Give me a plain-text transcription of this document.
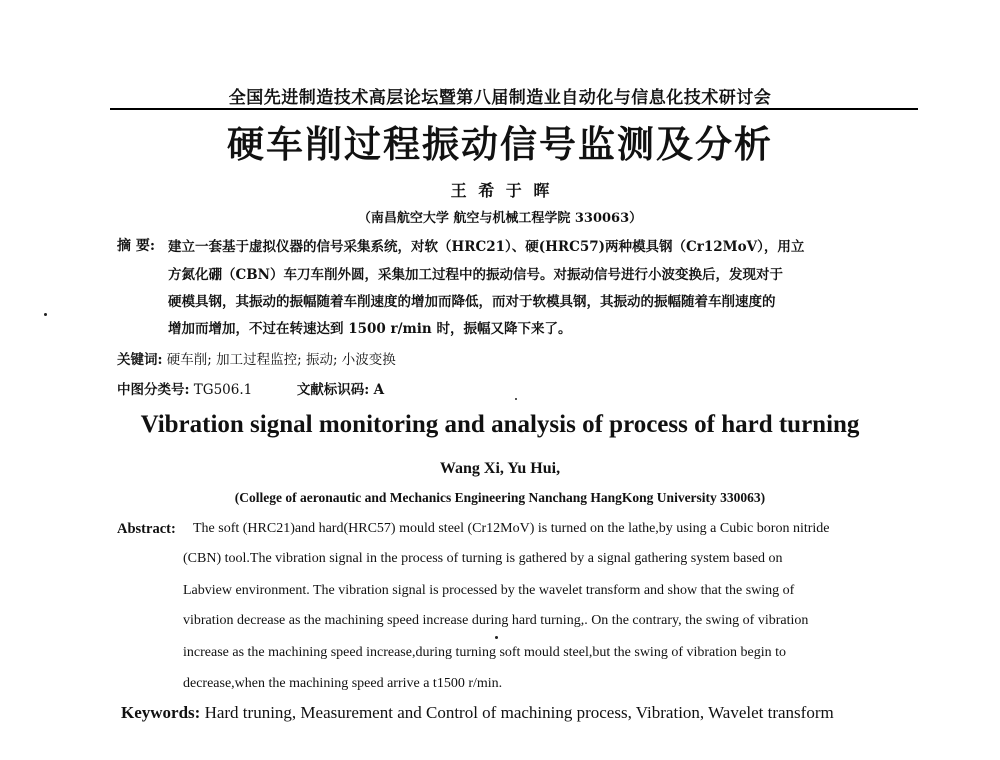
全国先进制造技术高层论坛暨第八届制造业自动化与信息化技术研讨会
硬车削过程振动信号监测及分析
王 希 于 晖
（南昌航空大学 航空与机械工程学院 330063）
摘 要: 建立一套基于虚拟仪器的信号采集系统，对软（HRC21）、硬(HRC57)两种模具钢（Cr12MoV），用立
方氮化硼（CBN）车刀车削外圆，采集加工过程中的振动信号。对振动信号进行小波变换后，发现对于
硬模具钢，其振动的振幅随着车削速度的增加而降低，而对于软模具钢，其振动的振幅随着车削速度的
增加而增加，不过在转速达到 1500 r/min 时，振幅又降下来了。
关键词: 硬车削; 加工过程监控; 振动; 小波变换
中图分类号: TG506.1	文献标识码: A
Vibration signal monitoring and analysis of process of hard turning
Wang Xi, Yu Hui,
(College of aeronautic and Mechanics Engineering Nanchang HangKong University 330063)
Abstract: The soft (HRC21)and hard(HRC57) mould steel (Cr12MoV) is turned on the lathe,by using a Cubic boron nitride
(CBN) tool.The vibration signal in the process of turning is gathered by a signal gathering system based on
Labview environment. The vibration signal is processed by the wavelet transform and show that the swing of
vibration decrease as the machining speed increase during hard turning,. On the contrary, the swing of vibration
increase as the machining speed increase,during turning soft mould steel,but the swing of vibration begin to
decrease,when the machining speed arrive a t1500 r/min.
Keywords: Hard truning, Measurement and Control of machining process, Vibration, Wavelet transform
